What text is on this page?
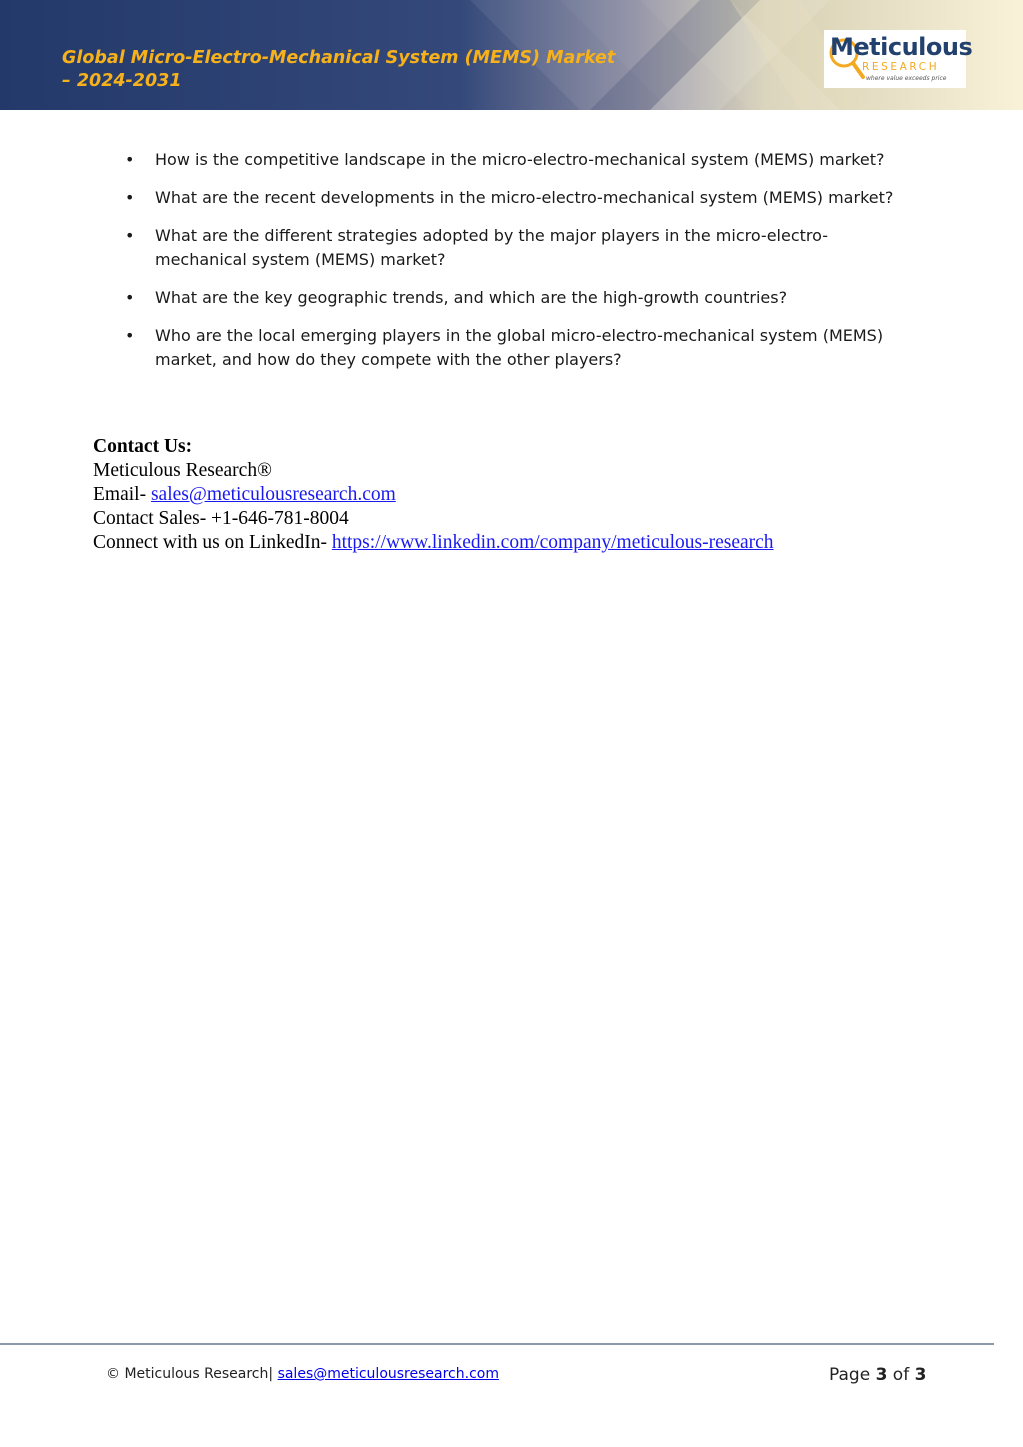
Global Micro-Electro-Mechanical System (MEMS) Market
– 2024-2031
Meticulous
RESEARCH
where value exceeds price
• How is the competitive landscape in the micro-electro-mechanical system (MEMS) market?
• What are the recent developments in the micro-electro-mechanical system (MEMS) market?
• What are the different strategies adopted by the major players in the micro-electro-mechanical system (MEMS) market?
• What are the key geographic trends, and which are the high-growth countries?
• Who are the local emerging players in the global micro-electro-mechanical system (MEMS) market, and how do they compete with the other players?
Contact Us:
Meticulous Research®
Email- sales@meticulousresearch.com
Contact Sales- +1-646-781-8004
Connect with us on LinkedIn- https://www.linkedin.com/company/meticulous-research
© Meticulous Research| sales@meticulousresearch.com	Page 3 of 3
